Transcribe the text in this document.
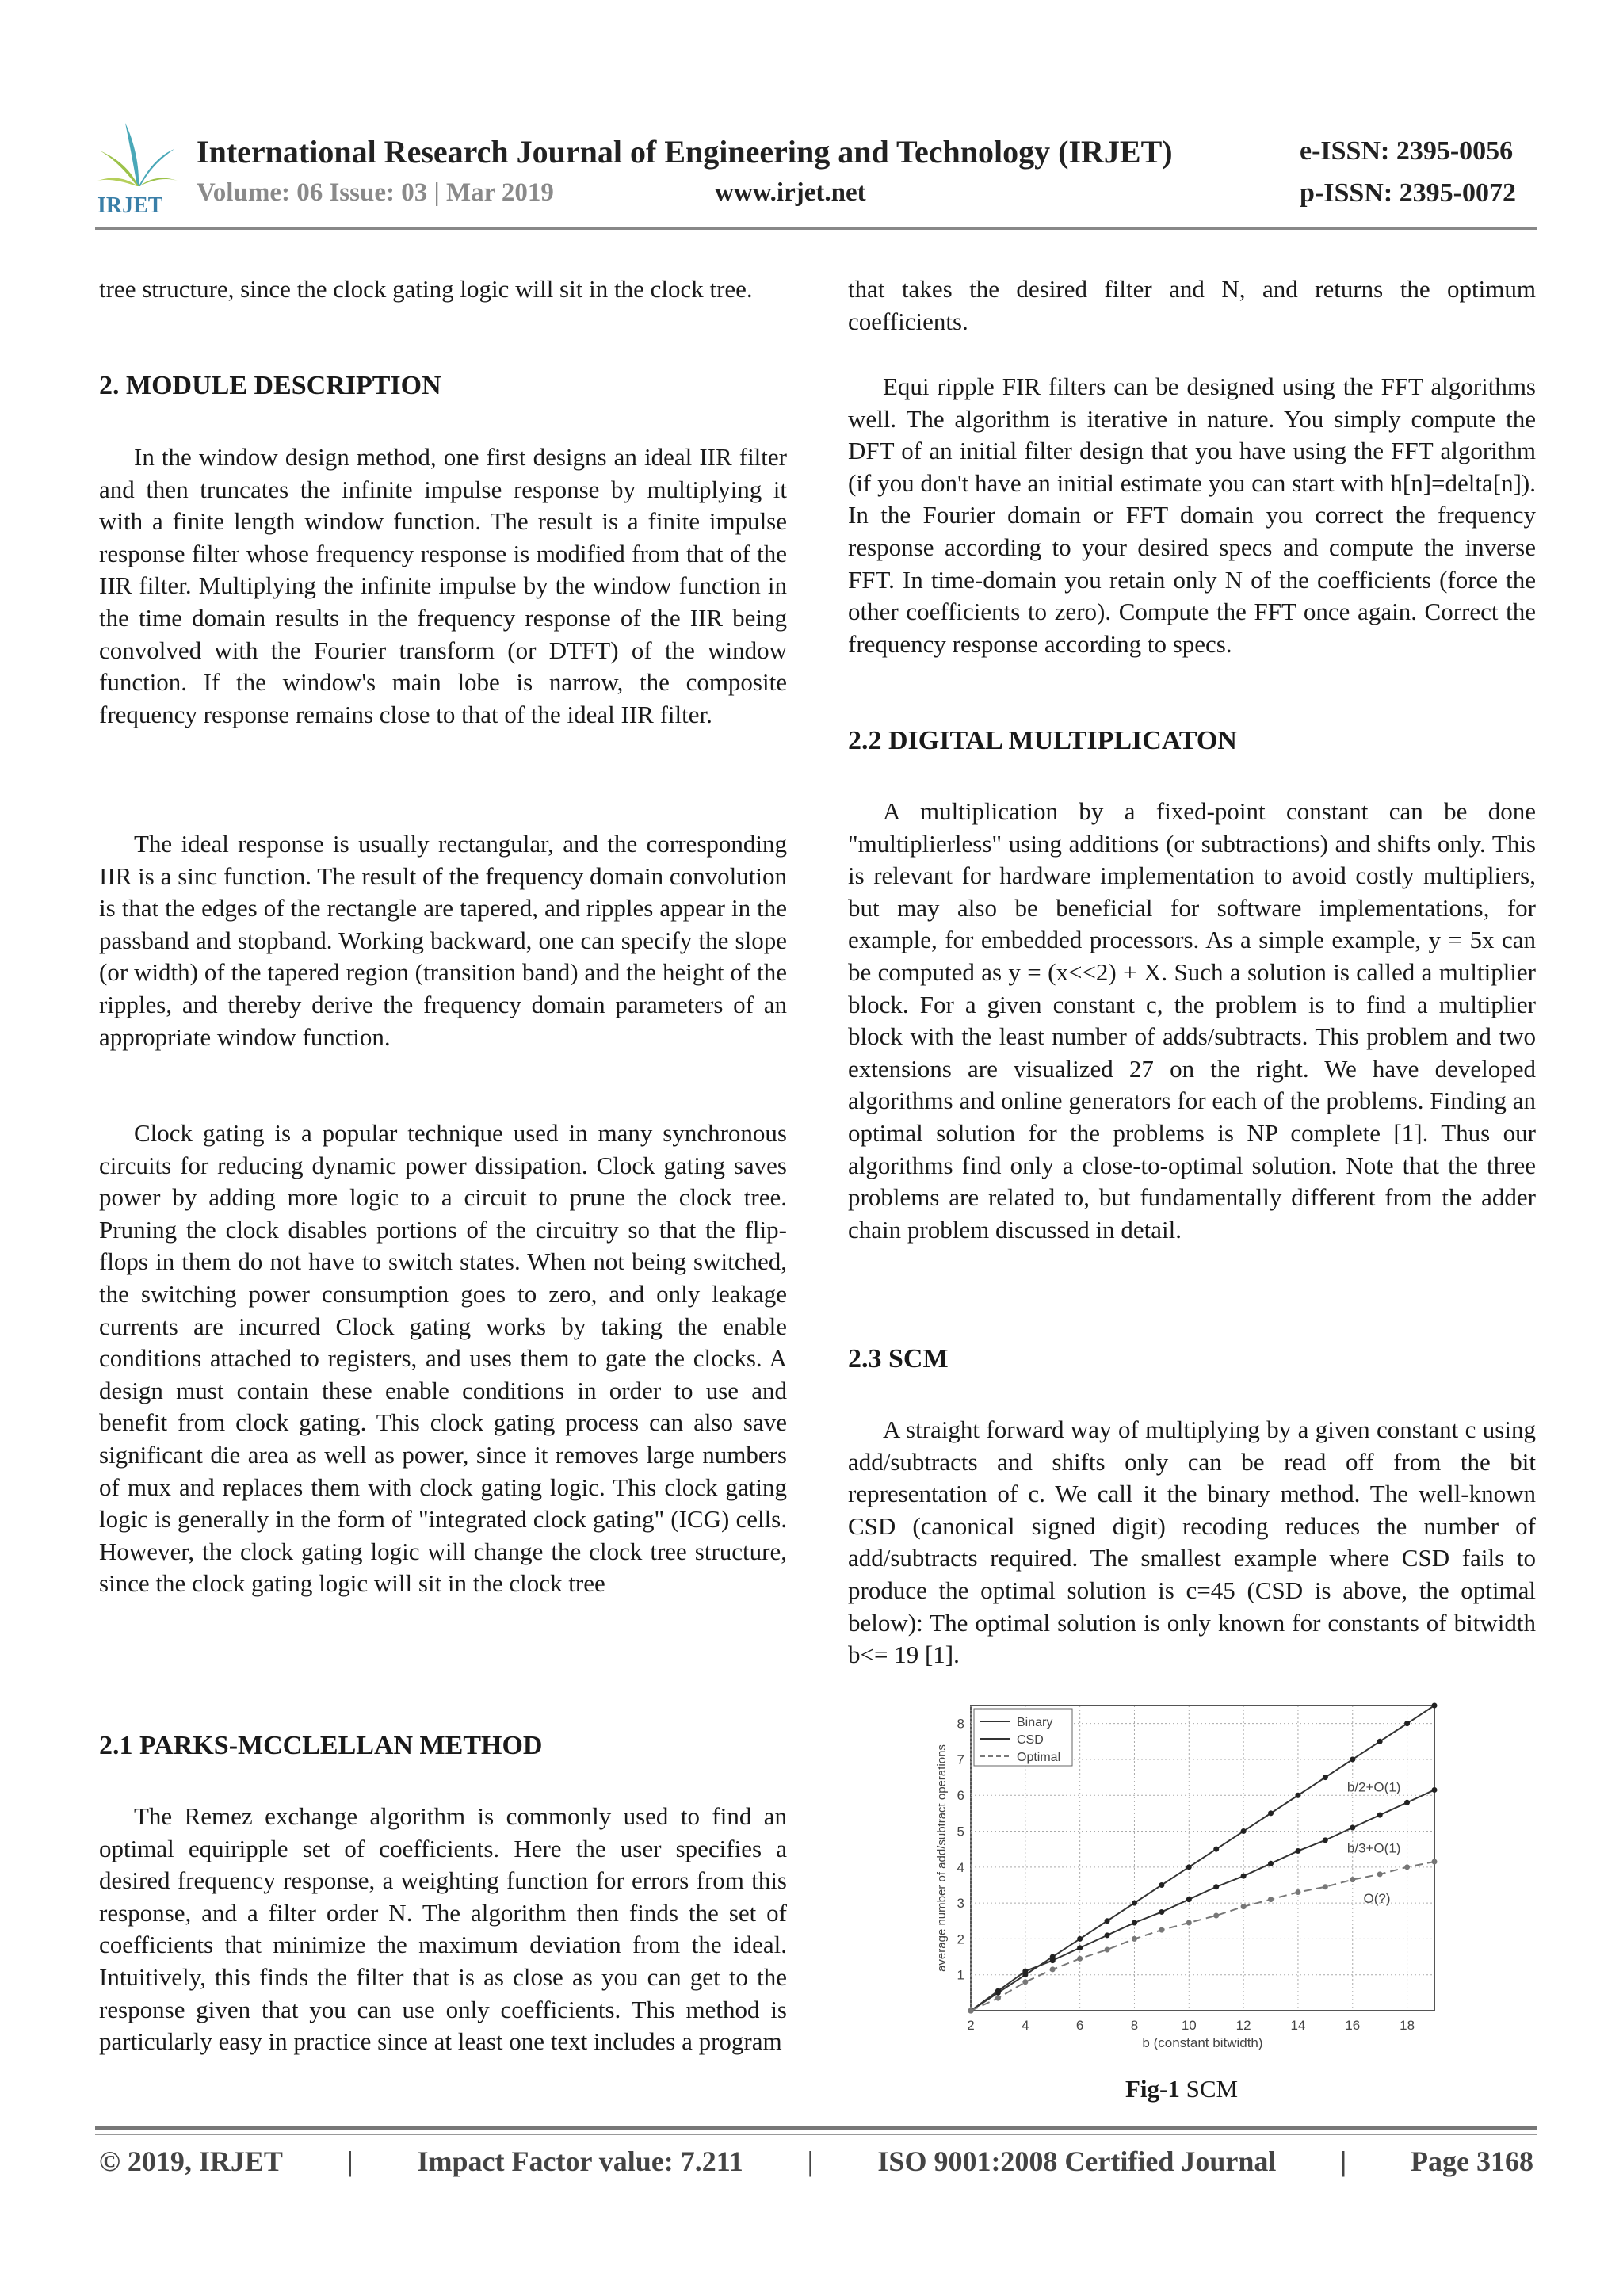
IRJET
International Research Journal of Engineering and Technology (IRJET)
Volume: 06 Issue: 03 | Mar 2019	www.irjet.net
e-ISSN: 2395-0056
p-ISSN: 2395-0072

tree structure, since the clock gating logic will sit in the clock tree.

2. MODULE DESCRIPTION

In the window design method, one first designs an ideal IIR filter and then truncates the infinite impulse response by multiplying it with a finite length window function. The result is a finite impulse response filter whose frequency response is modified from that of the IIR filter. Multiplying the infinite impulse by the window function in the time domain results in the frequency response of the IIR being convolved with the Fourier transform (or DTFT) of the window function. If the window's main lobe is narrow, the composite frequency response remains close to that of the ideal IIR filter.

The ideal response is usually rectangular, and the corresponding IIR is a sinc function. The result of the frequency domain convolution is that the edges of the rectangle are tapered, and ripples appear in the passband and stopband. Working backward, one can specify the slope (or width) of the tapered region (transition band) and the height of the ripples, and thereby derive the frequency domain parameters of an appropriate window function.

Clock gating is a popular technique used in many synchronous circuits for reducing dynamic power dissipation. Clock gating saves power by adding more logic to a circuit to prune the clock tree. Pruning the clock disables portions of the circuitry so that the flip-flops in them do not have to switch states. When not being switched, the switching power consumption goes to zero, and only leakage currents are incurred Clock gating works by taking the enable conditions attached to registers, and uses them to gate the clocks. A design must contain these enable conditions in order to use and benefit from clock gating. This clock gating process can also save significant die area as well as power, since it removes large numbers of mux and replaces them with clock gating logic. This clock gating logic is generally in the form of "integrated clock gating" (ICG) cells. However, the clock gating logic will change the clock tree structure, since the clock gating logic will sit in the clock tree

2.1 PARKS-MCCLELLAN METHOD

The Remez exchange algorithm is commonly used to find an optimal equiripple set of coefficients. Here the user specifies a desired frequency response, a weighting function for errors from this response, and a filter order N. The algorithm then finds the set of coefficients that minimize the maximum deviation from the ideal. Intuitively, this finds the filter that is as close as you can get to the response given that you can use only coefficients. This method is particularly easy in practice since at least one text includes a program

that takes the desired filter and N, and returns the optimum coefficients.

Equi ripple FIR filters can be designed using the FFT algorithms well. The algorithm is iterative in nature. You simply compute the DFT of an initial filter design that you have using the FFT algorithm (if you don't have an initial estimate you can start with h[n]=delta[n]). In the Fourier domain or FFT domain you correct the frequency response according to your desired specs and compute the inverse FFT. In time-domain you retain only N of the coefficients (force the other coefficients to zero). Compute the FFT once again. Correct the frequency response according to specs.

2.2 DIGITAL MULTIPLICATON

A multiplication by a fixed-point constant can be done "multiplierless" using additions (or subtractions) and shifts only. This is relevant for hardware implementation to avoid costly multipliers, but may also be beneficial for software implementations, for example, for embedded processors. As a simple example, y = 5x can be computed as y = (x<<2) + X. Such a solution is called a multiplier block. For a given constant c, the problem is to find a multiplier block with the least number of adds/subtracts. This problem and two extensions are visualized 27 on the right. We have developed algorithms and online generators for each of the problems. Finding an optimal solution for the problems is NP complete [1]. Thus our algorithms find only a close-to-optimal solution. Note that the three problems are related to, but fundamentally different from the adder chain problem discussed in detail.

2.3 SCM

A straight forward way of multiplying by a given constant c using add/subtracts and shifts only can be read off from the bit representation of c. We call it the binary method. The well-known CSD (canonical signed digit) recoding reduces the number of add/subtracts required. The smallest example where CSD fails to produce the optimal solution is c=45 (CSD is above, the optimal below): The optimal solution is only known for constants of bitwidth b<= 19 [1].

2	4	6	8	10	12	14	16	18
1
2
3
4
5
6
7
8
b (constant bitwidth)
average number of add/subtract operations	b/2+O(1)
b/3+O(1)
O(?)
Binary
CSD
Optimal
Fig-1 SCM
© 2019, IRJET | Impact Factor value: 7.211 | ISO 9001:2008 Certified Journal | Page 3168
